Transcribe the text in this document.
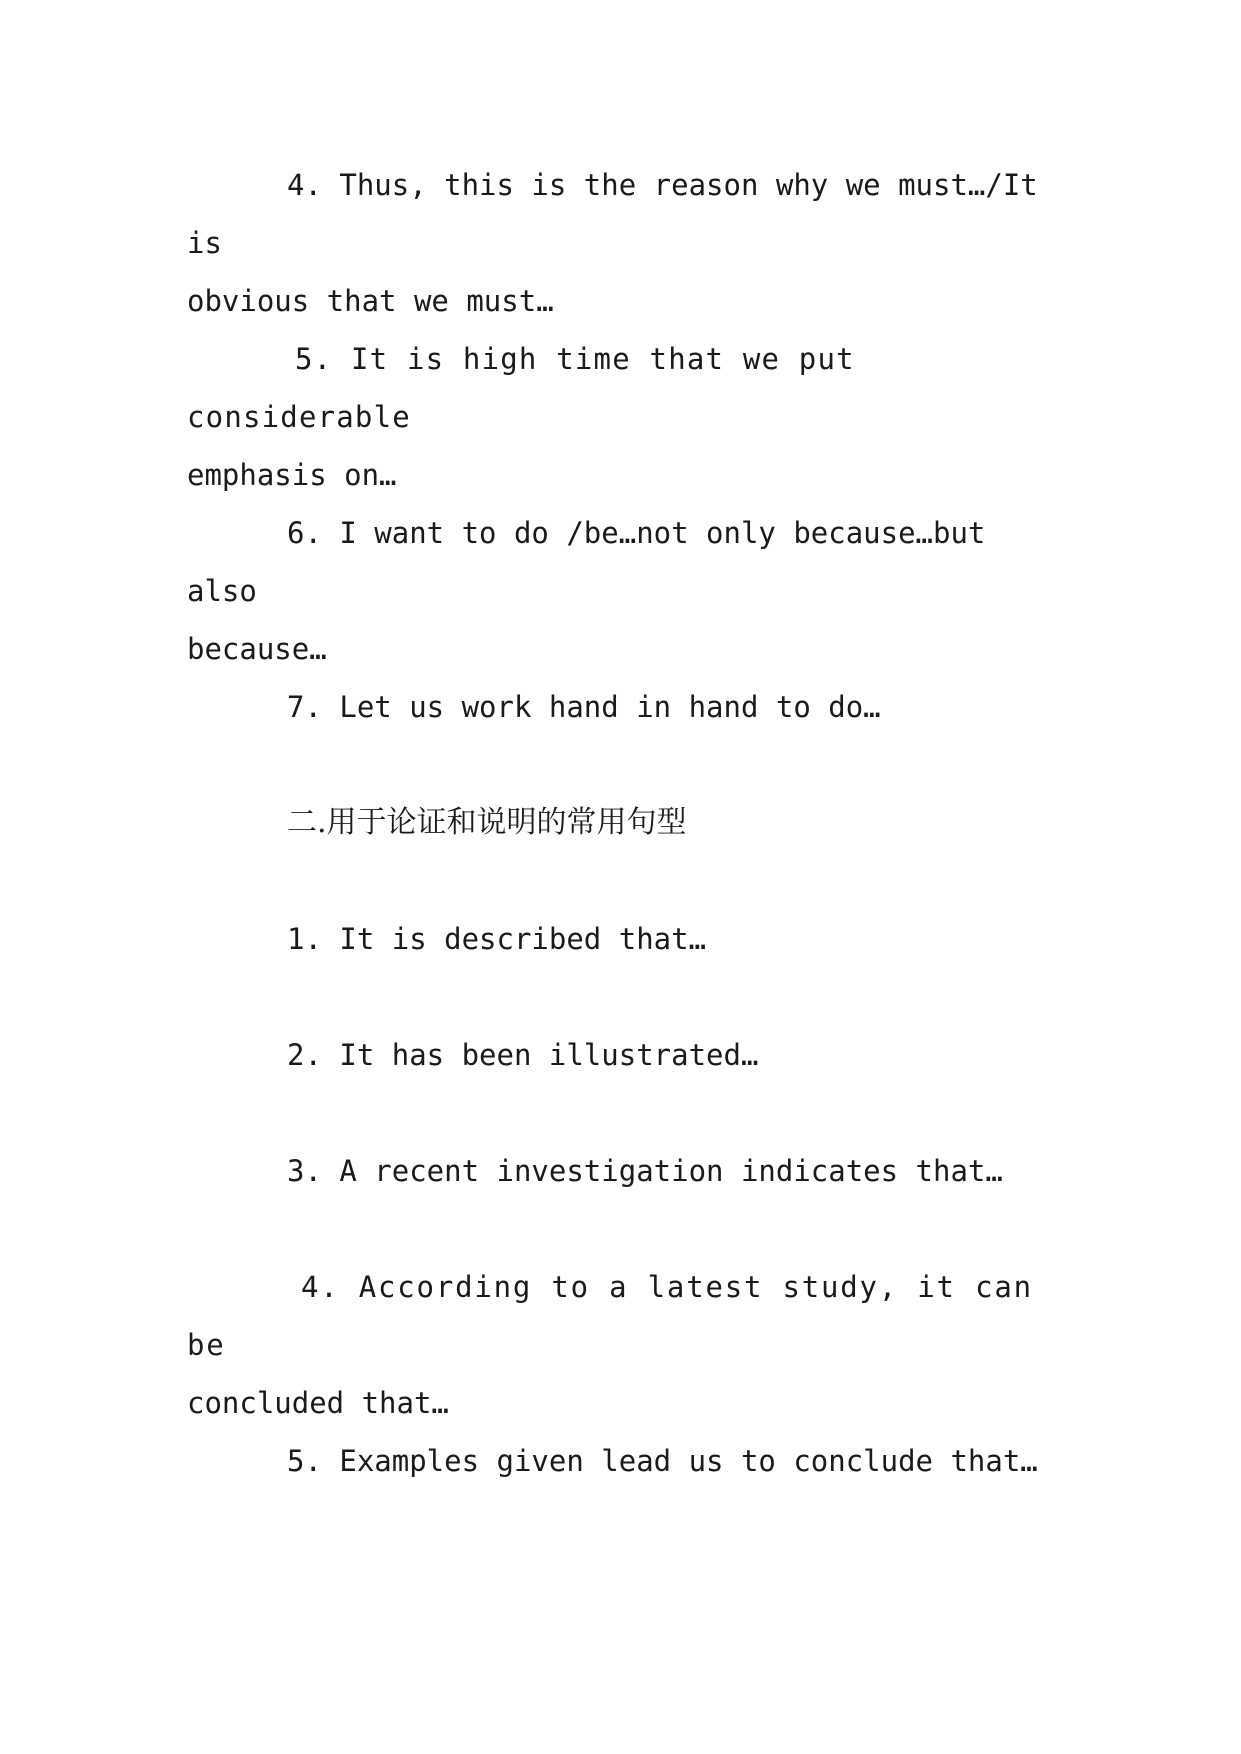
4. Thus, this is the reason why we must…/It is
obvious that we must…

5. It is high time that we put considerable
emphasis on…

6. I want to do /be…not only because…but also
because…

7. Let us work hand in hand to do…

二.用于论证和说明的常用句型

1. It is described that…

2. It has been illustrated…

3. A recent investigation indicates that…

4. According to a latest study, it can be
concluded that…

5. Examples given lead us to conclude that…
